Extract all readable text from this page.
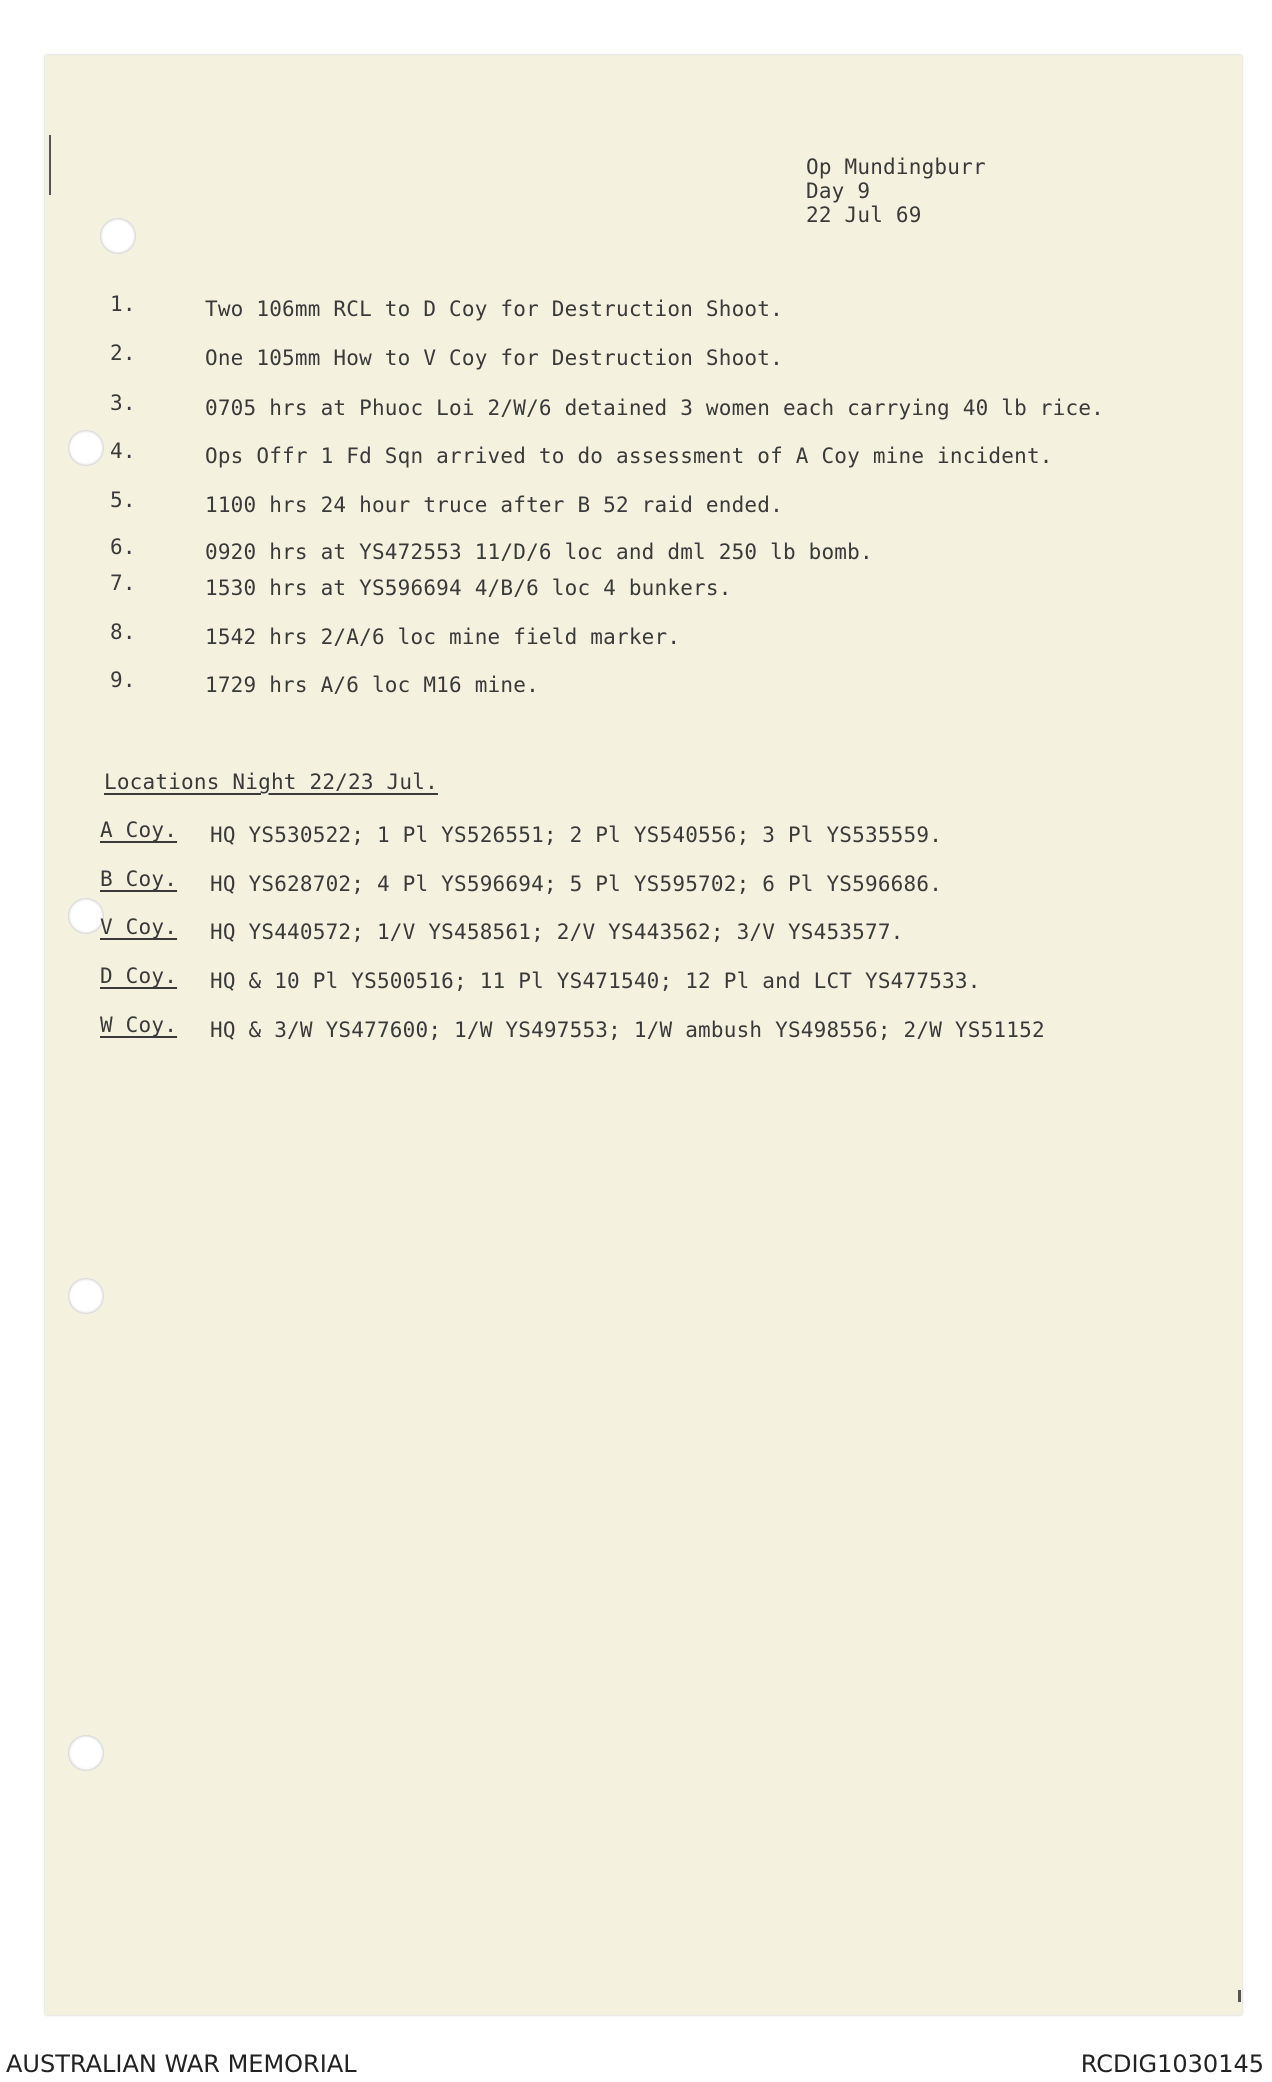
Op Mundingburr
Day 9
22 Jul 69
1.	Two 106mm RCL to D Coy for Destruction Shoot.
2.	One 105mm How to V Coy for Destruction Shoot.
3.	0705 hrs at Phuoc Loi 2/W/6 detained 3 women each carrying 40 lb rice.
4.	Ops Offr 1 Fd Sqn arrived to do assessment of A Coy mine incident.
5.	1100 hrs 24 hour truce after B 52 raid ended.
6.	0920 hrs at YS472553 11/D/6 loc and dml 250 lb bomb.
7.	1530 hrs at YS596694 4/B/6 loc 4 bunkers.
8.	1542 hrs 2/A/6 loc mine field marker.
9.	1729 hrs A/6 loc M16 mine.
Locations Night 22/23 Jul.
A Coy. HQ YS530522; 1 Pl YS526551; 2 Pl YS540556; 3 Pl YS535559.
B Coy. HQ YS628702; 4 Pl YS596694; 5 Pl YS595702; 6 Pl YS596686.
V Coy. HQ YS440572; 1/V YS458561; 2/V YS443562; 3/V YS453577.
D Coy. HQ & 10 Pl YS500516; 11 Pl YS471540; 12 Pl and LCT YS477533.
W Coy. HQ & 3/W YS477600; 1/W YS497553; 1/W ambush YS498556; 2/W YS51152
AUSTRALIAN WAR MEMORIAL	RCDIG1030145
